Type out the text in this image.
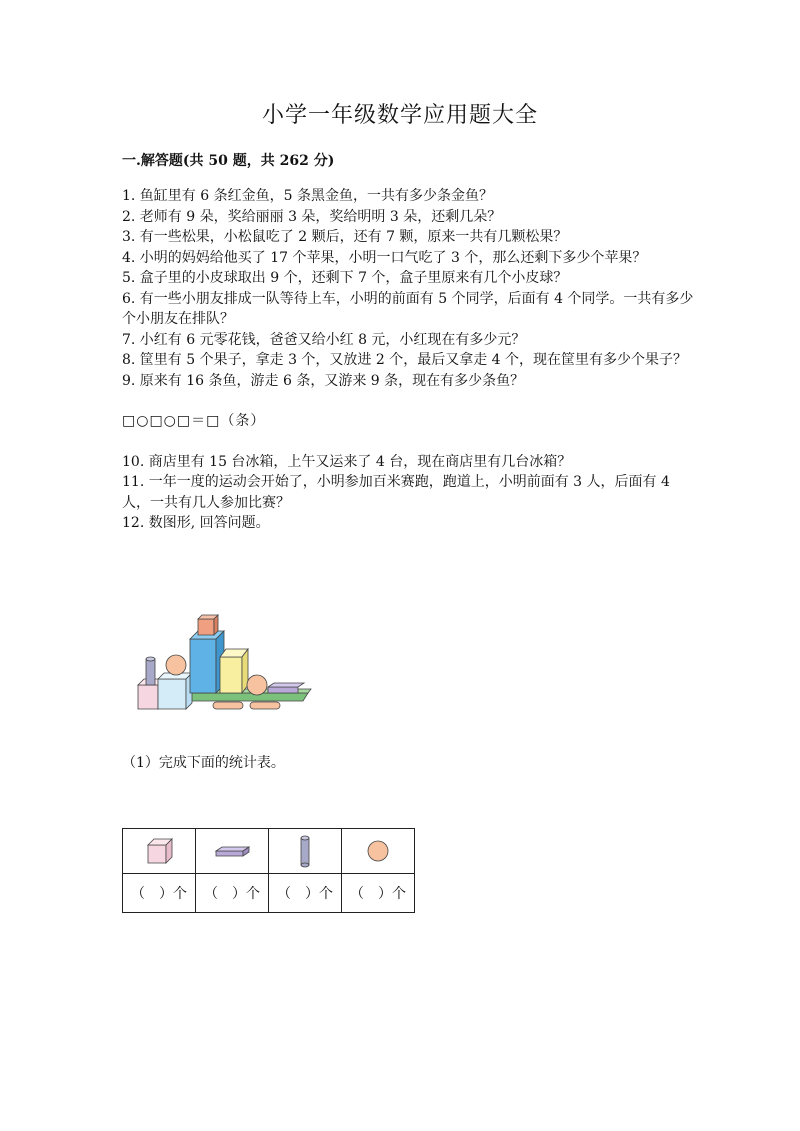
小学一年级数学应用题大全
一.解答题(共 50 题，共 262 分)

1. 鱼缸里有 6 条红金鱼，5 条黑金鱼，一共有多少条金鱼？

2. 老师有 9 朵，奖给丽丽 3 朵，奖给明明 3 朵，还剩几朵？

3. 有一些松果，小松鼠吃了 2 颗后，还有 7 颗，原来一共有几颗松果？

4. 小明的妈妈给他买了 17 个苹果，小明一口气吃了 3 个，那么还剩下多少个苹果？

5. 盒子里的小皮球取出 9 个，还剩下 7 个，盒子里原来有几个小皮球？

6. 有一些小朋友排成一队等待上车，小明的前面有 5 个同学，后面有 4 个同学。一共有多少个小朋友在排队？

7. 小红有 6 元零花钱，爸爸又给小红 8 元，小红现在有多少元？

8. 筐里有 5 个果子，拿走 3 个，又放进 2 个，最后又拿走 4 个，现在筐里有多少个果子？

9. 原来有 16 条鱼，游走 6 条，又游来 9 条，现在有多少条鱼？

□○□○□＝□（条）

10. 商店里有 15 台冰箱，上午又运来了 4 台，现在商店里有几台冰箱？

11. 一年一度的运动会开始了，小明参加百米赛跑，跑道上，小明前面有 3 人，后面有 4 人，一共有几人参加比赛？

12. 数图形, 回答问题。

（1）完成下面的统计表。

（　）个	（　）个	（　）个	（　）个
